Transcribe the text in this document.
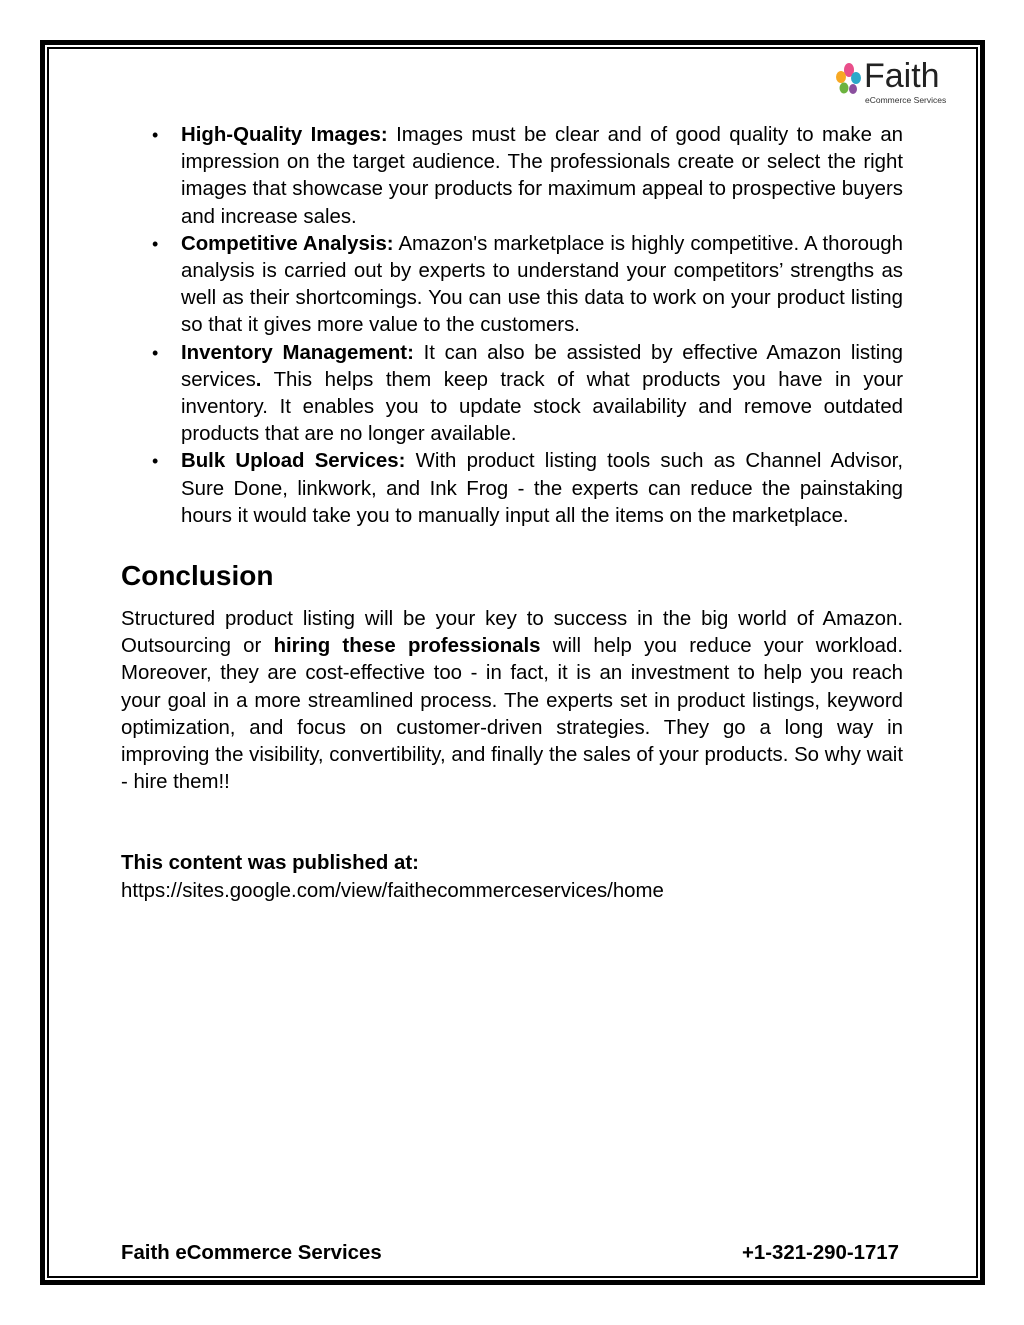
Faith
eCommerce Services
• High-Quality Images: Images must be clear and of good quality to make an impression on the target audience. The professionals create or select the right images that showcase your products for maximum appeal to prospective buyers and increase sales.
• Competitive Analysis: Amazon's marketplace is highly competitive. A thorough analysis is carried out by experts to understand your competitors’ strengths as well as their shortcomings. You can use this data to work on your product listing so that it gives more value to the customers.
• Inventory Management: It can also be assisted by effective Amazon listing services. This helps them keep track of what products you have in your inventory. It enables you to update stock availability and remove outdated products that are no longer available.
• Bulk Upload Services: With product listing tools such as Channel Advisor, Sure Done, linkwork, and Ink Frog - the experts can reduce the painstaking hours it would take you to manually input all the items on the marketplace.
Conclusion

Structured product listing will be your key to success in the big world of Amazon. Outsourcing or hiring these professionals will help you reduce your workload. Moreover, they are cost-effective too - in fact, it is an investment to help you reach your goal in a more streamlined process. The experts set in product listings, keyword optimization, and focus on customer-driven strategies. They go a long way in improving the visibility, convertibility, and finally the sales of your products. So why wait - hire them!!

This content was published at:
https://sites.google.com/view/faithecommerceservices/home
Faith eCommerce Services	+1-321-290-1717
